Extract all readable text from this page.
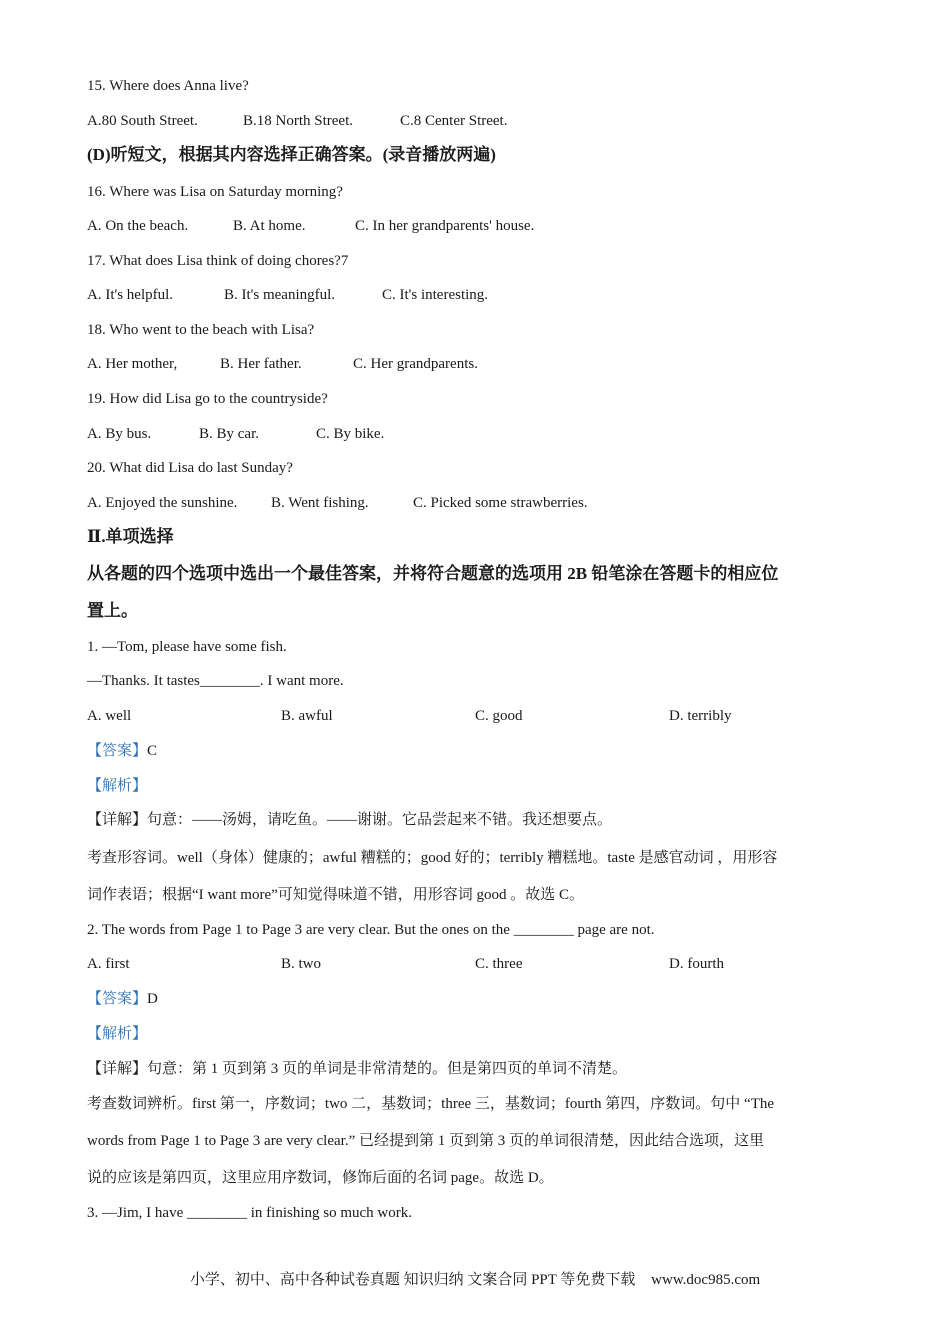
15. Where does Anna live?
A.80 South Street.	B.18 North Street.	C.8 Center Street.
(D)听短文，根据其内容选择正确答案。(录音播放两遍)
16. Where was Lisa on Saturday morning?
A. On the beach.	B. At home.	C. In her grandparents' house.
17. What does Lisa think of doing chores?7
A. It's helpful.	B. It's meaningful.	C. It's interesting.
18. Who went to the beach with Lisa?
A. Her mother,	B. Her father.	C. Her grandparents.
19. How did Lisa go to the countryside?
A. By bus.	B. By car.	C. By bike.
20. What did Lisa do last Sunday?
A. Enjoyed the sunshine. B. Went fishing.	C. Picked some strawberries.
Ⅱ.单项选择
从各题的四个选项中选出一个最佳答案，并将符合题意的选项用 2B 铅笔涂在答题卡的相应位
置上。
1. —Tom, please have some fish.
—Thanks. It tastes________. I want more.
A. well	B. awful	C. good	D. terribly
【答案】C
【解析】
【详解】句意：——汤姆，请吃鱼。——谢谢。它品尝起来不错。我还想要点。
考查形容词。well（身体）健康的；awful 糟糕的；good 好的；terribly 糟糕地。taste 是感官动词 ，用形容
词作表语；根据“I want more”可知觉得味道不错，用形容词 good 。故选 C。
2. The words from Page 1 to Page 3 are very clear. But the ones on the ________ page are not.
A. first	B. two	C. three	D. fourth
【答案】D
【解析】
【详解】句意：第 1 页到第 3 页的单词是非常清楚的。但是第四页的单词不清楚。
考查数词辨析。first 第一，序数词；two 二，基数词；three 三，基数词；fourth 第四，序数词。句中 “The
words from Page 1 to Page 3 are very clear.” 已经提到第 1 页到第 3 页的单词很清楚，因此结合选项，这里
说的应该是第四页，这里应用序数词，修饰后面的名词 page。故选 D。
3. —Jim, I have ________ in finishing so much work.
小学、初中、高中各种试卷真题 知识归纳 文案合同 PPT 等免费下载 www.doc985.com
